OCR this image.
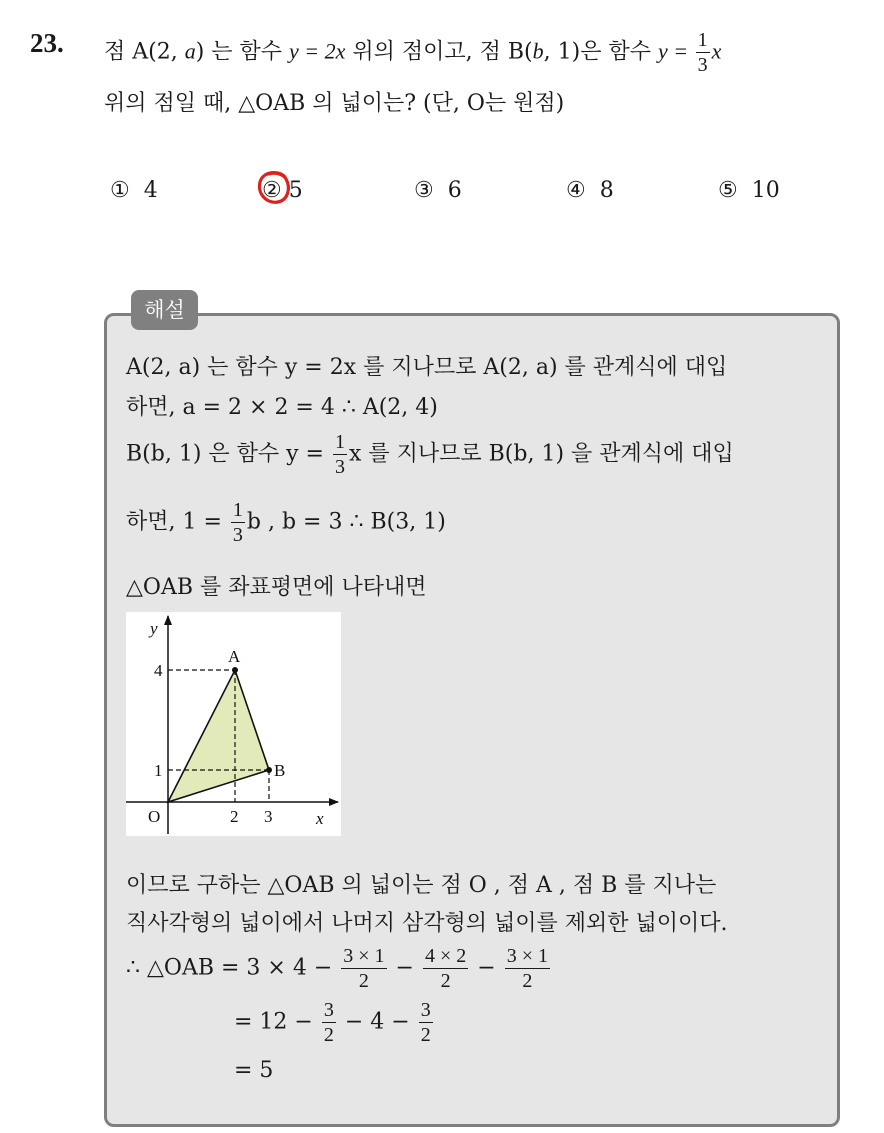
23. 점 A(2, a) 는 함수 y = 2x 위의 점이고, 점 B(b, 1)은 함수 $y = \frac{1}{3}$ x
위의 점일 때, △OAB 의 넓이는? (단, O는 원점)
① 4	② 5	③ 6	④ 8	⑤ 10
해설
A(2, a) 는 함수 y = 2x 를 지나므로 A(2, a) 를 관계식에 대입
하면, a = 2 × 2 = 4 ∴ A(2, 4)
B(b, 1) 은 함수 $y = \frac{1}{3}$ x 를 지나므로 B(b, 1) 을 관계식에 대입
하면, $1 = \frac{1}{3}$ b , b = 3 ∴ B(3, 1)
△OAB 를 좌표평면에 나타내면
y
x
O
4
1
2 3
A
B
이므로 구하는 △OAB 의 넓이는 점 O , 점 A , 점 B 를 지나는
직사각형의 넓이에서 나머지 삼각형의 넓이를 제외한 넓이이다.
∴ △OAB = $3 \times 4 - \frac{3 \times 1}{2} - \frac{4 \times 2}{2} - \frac{3 \times 1}{2}$
= $12 - \frac{3}{2} - 4 - \frac{3}{2}$
= 5
